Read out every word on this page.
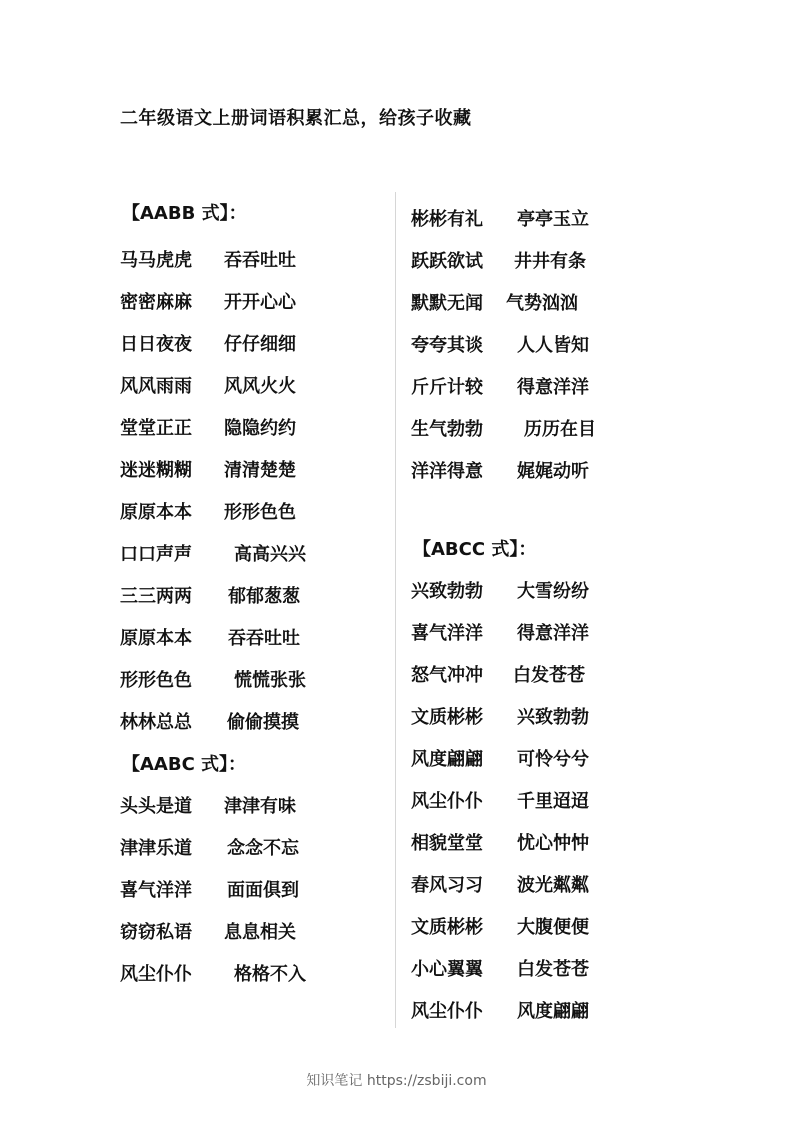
二年级语文上册词语积累汇总，给孩子收藏
【AABB 式】：
马马虎虎 吞吞吐吐
密密麻麻 开开心心
日日夜夜 仔仔细细
风风雨雨 风风火火
堂堂正正 隐隐约约
迷迷糊糊 清清楚楚
原原本本 形形色色
口口声声 高高兴兴
三三两两 郁郁葱葱
原原本本 吞吞吐吐
形形色色 慌慌张张
林林总总 偷偷摸摸
【AABC 式】：
头头是道 津津有味
津津乐道 念念不忘
喜气洋洋 面面俱到
窃窃私语 息息相关
风尘仆仆 格格不入
彬彬有礼 亭亭玉立
跃跃欲试 井井有条
默默无闻 气势汹汹
夸夸其谈 人人皆知
斤斤计较 得意洋洋
生气勃勃 历历在目
洋洋得意 娓娓动听
【ABCC 式】：
兴致勃勃 大雪纷纷
喜气洋洋 得意洋洋
怒气冲冲 白发苍苍
文质彬彬 兴致勃勃
风度翩翩 可怜兮兮
风尘仆仆 千里迢迢
相貌堂堂 忧心忡忡
春风习习 波光粼粼
文质彬彬 大腹便便
小心翼翼 白发苍苍
风尘仆仆 风度翩翩
知识笔记 https://zsbiji.com
